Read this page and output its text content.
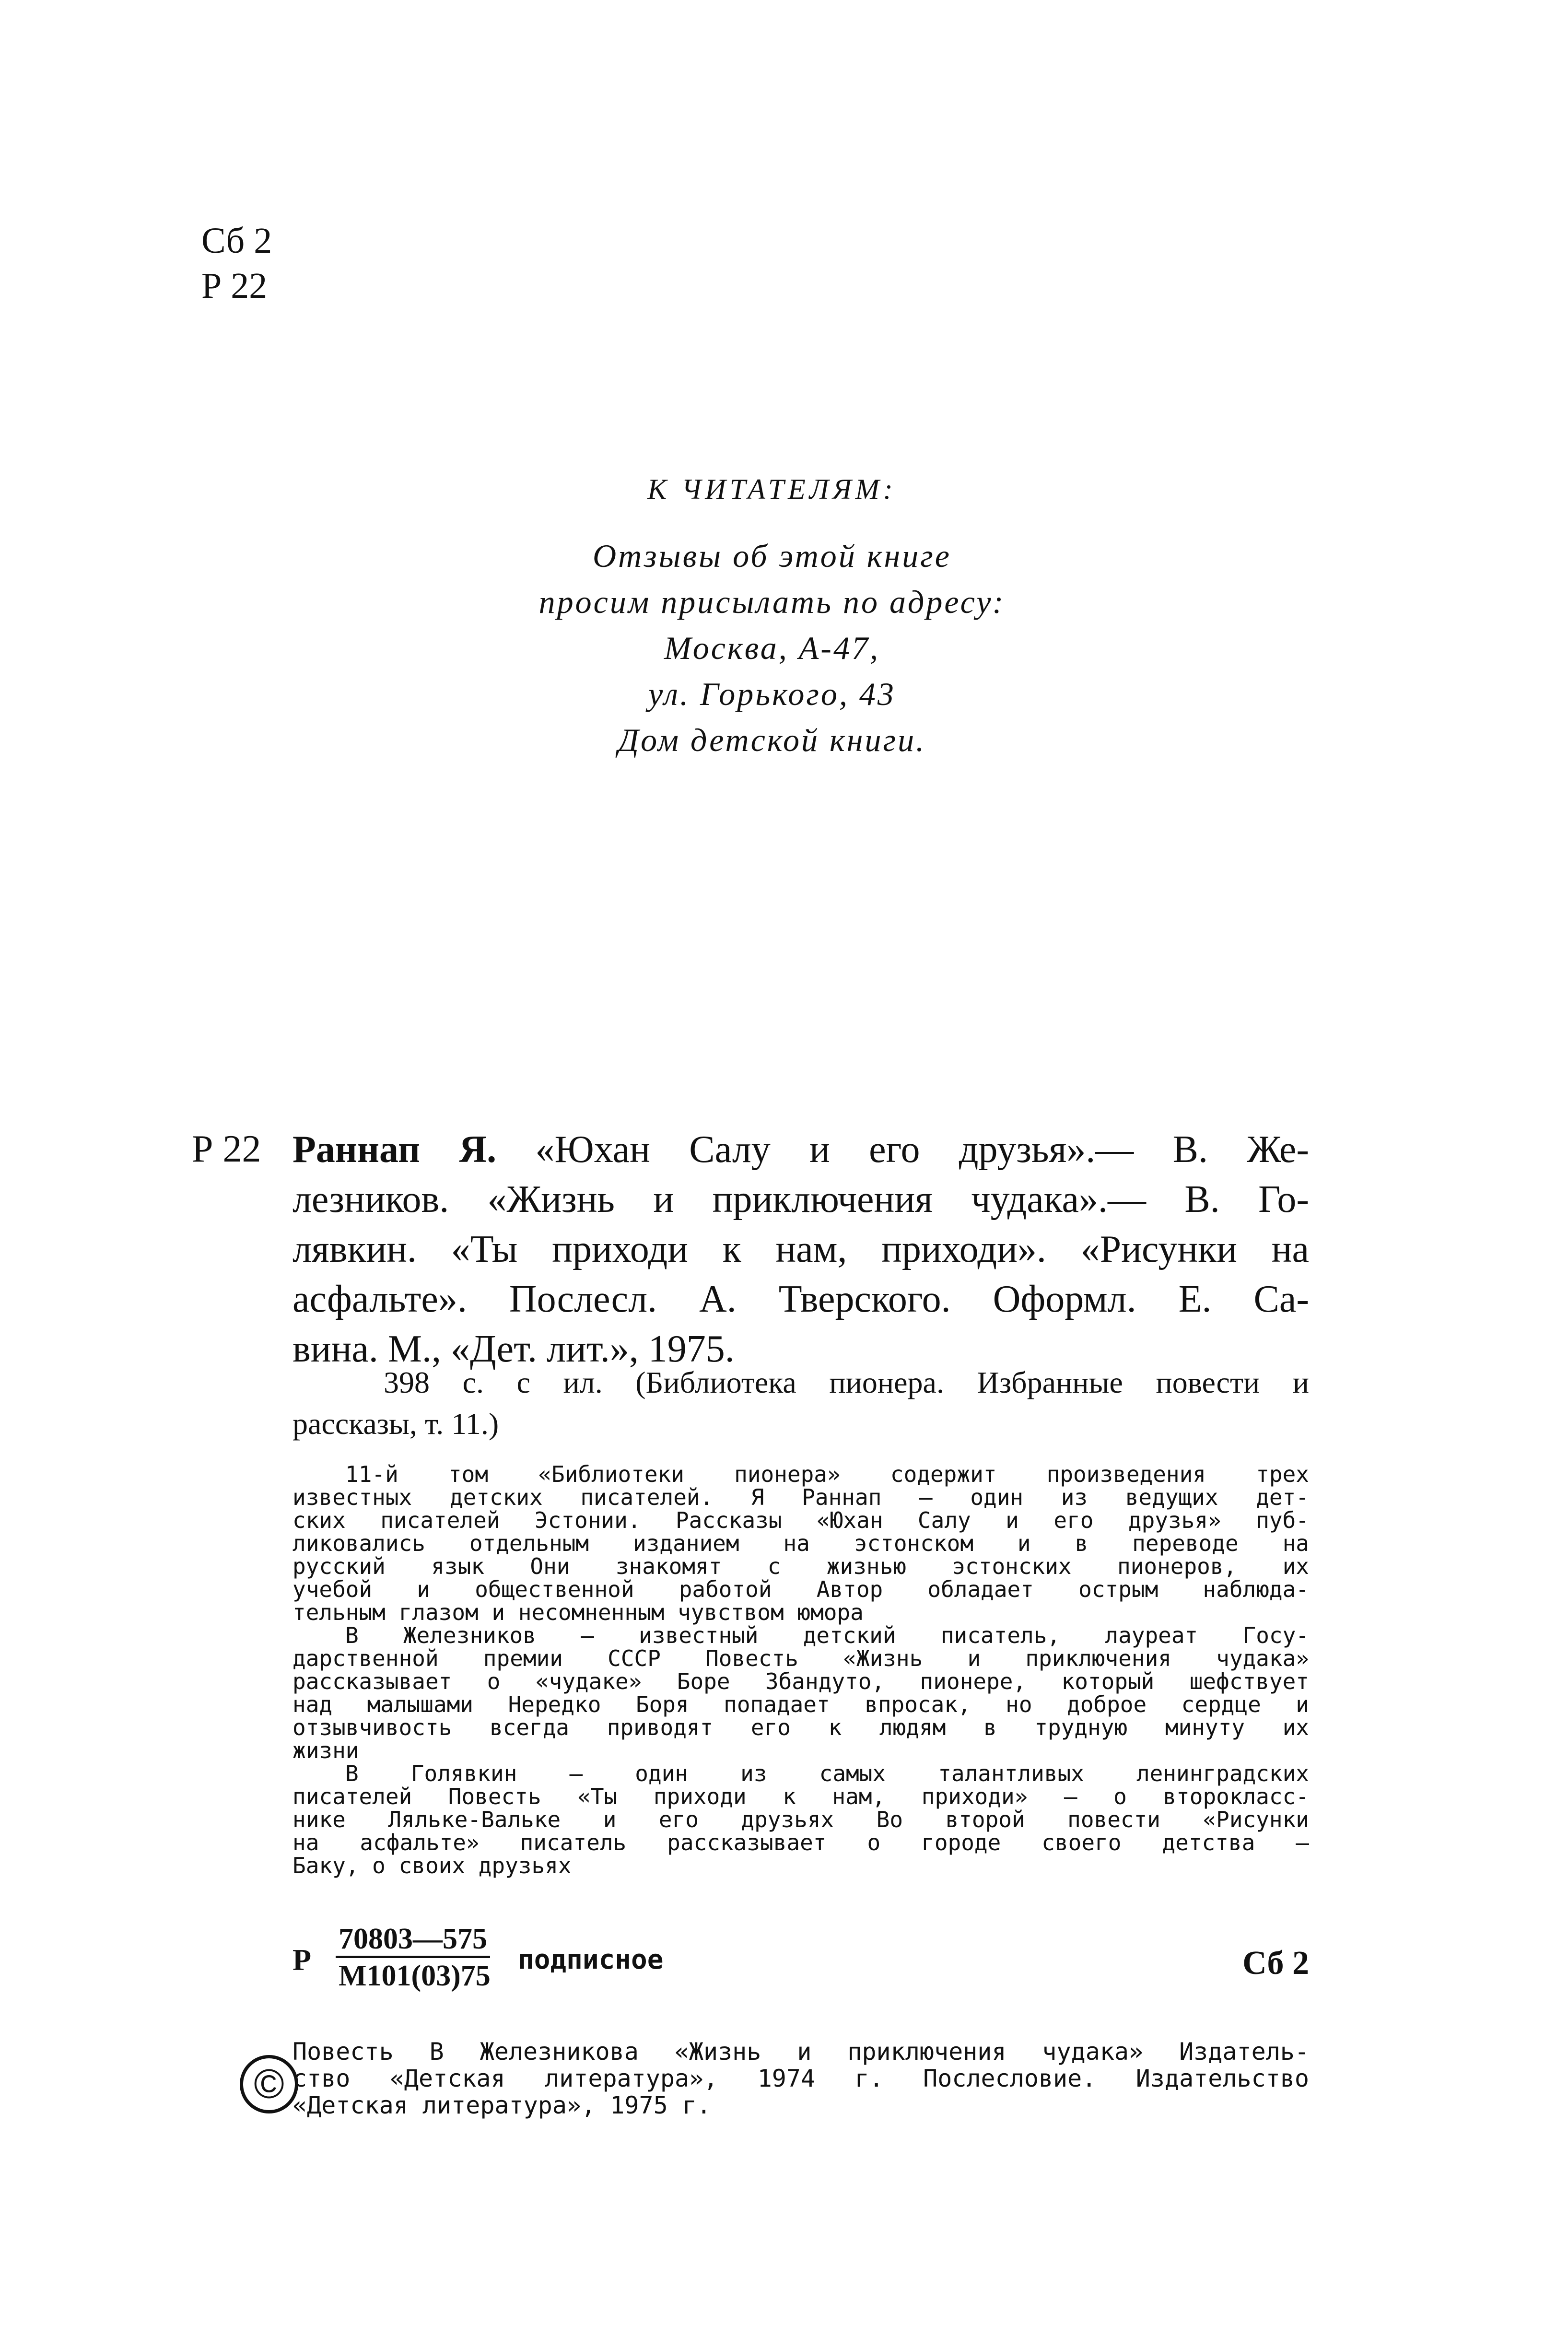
Сб 2
Р 22
К ЧИТАТЕЛЯМ:
Отзывы об этой книге
просим присылать по адресу:
Москва, А-47,
ул. Горького, 43
Дом детской книги.
Р 22 Раннап Я. «Юхан Салу и его друзья».— В. Же-
лезников. «Жизнь и приключения чудака».— В. Го-
лявкин. «Ты приходи к нам, приходи». «Рисунки на
асфальте». Послесл. А. Тверского. Оформл. Е. Са-
вина. М., «Дет. лит.», 1975.
398 с. с ил. (Библиотека пионера. Избранные повести и
рассказы, т. 11.)
11-й том «Библиотеки пионера» содержит произведения трех
известных детских писателей. Я Раннап — один из ведущих дет-
ских писателей Эстонии. Рассказы «Юхан Салу и его друзья» пуб-
ликовались отдельным изданием на эстонском и в переводе на
русский язык Они знакомят с жизнью эстонских пионеров, их
учебой и общественной работой Автор обладает острым наблюда-
тельным глазом и несомненным чувством юмора
В Железников — известный детский писатель, лауреат Госу-
дарственной премии СССР Повесть «Жизнь и приключения чудака»
рассказывает о «чудаке» Боре Збандуто, пионере, который шефствует
над малышами Нередко Боря попадает впросак, но доброе сердце и
отзывчивость всегда приводят его к людям в трудную минуту их
жизни
В Голявкин — один из самых талантливых ленинградских
писателей Повесть «Ты приходи к нам, приходи» — о второкласс-
нике Ляльке-Вальке и его друзьях Во второй повести «Рисунки
на асфальте» писатель рассказывает о городе своего детства —
Баку, о своих друзьях
Р
70803—575
М101(03)75 подписное	Сб 2
©
Повесть В Железникова «Жизнь и приключения чудака» Издатель-
ство «Детская литература», 1974 г. Послесловие. Издательство
«Детская литература», 1975 г.
